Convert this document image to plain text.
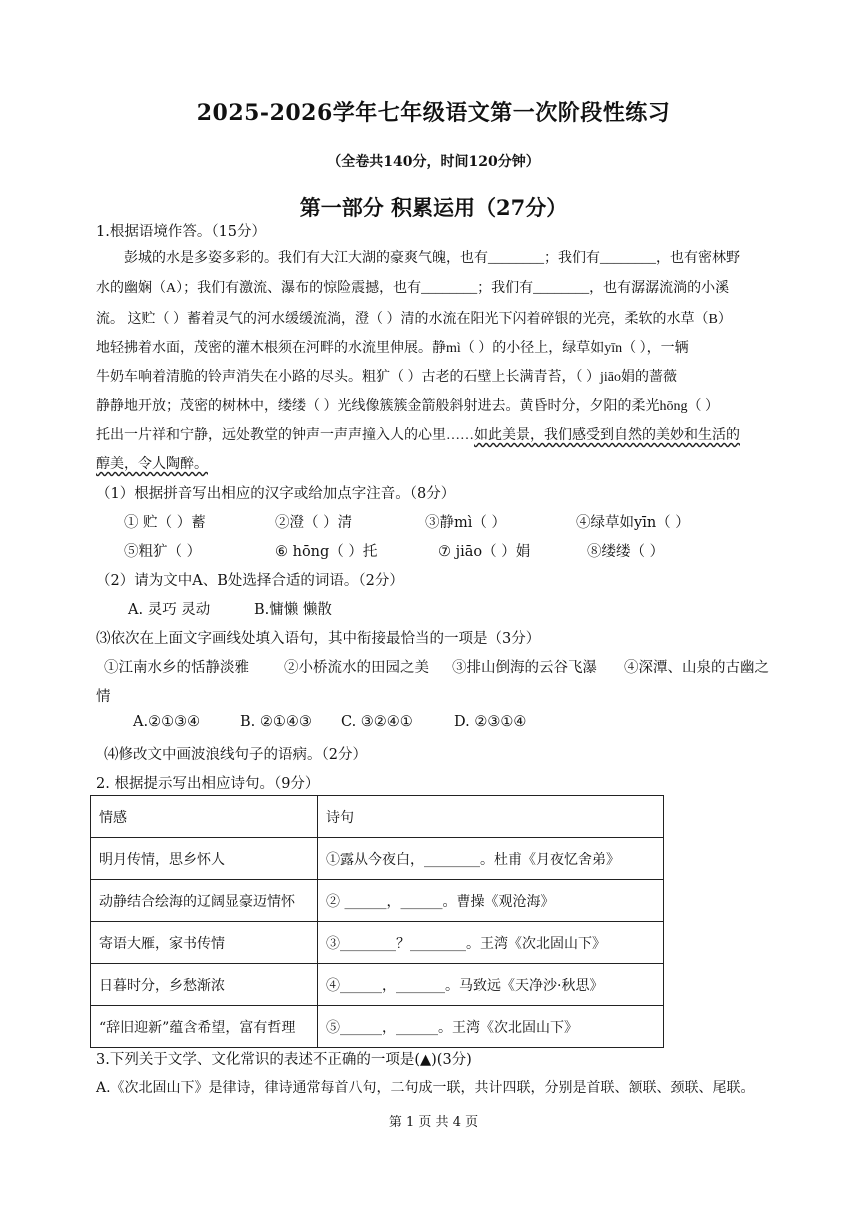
2025-2026学年七年级语文第一次阶段性练习
（全卷共140分，时间120分钟）
第一部分 积累运用（27分）
1.根据语境作答。（15分）
彭城的水是多姿多彩的。我们有大江大湖的豪爽气魄，也有________；我们有________，也有密林野
水的幽娴（A）；我们有激流、瀑布的惊险震撼，也有________；我们有________，也有潺潺流淌的小溪
流。 这贮（ ）蓄着灵气的河水缓缓流淌，澄（ ）清的水流在阳光下闪着碎银的光亮，柔软的水草（B）
地轻拂着水面，茂密的灌木根须在河畔的水流里伸展。静mì（ ）的小径上，绿草如yīn（ ），一辆
牛奶车响着清脆的铃声消失在小路的尽头。粗犷（ ）古老的石壁上长满青苔，（ ）jiāo娟的蔷薇
静静地开放；茂密的树林中，缕缕（ ）光线像簇簇金箭般斜射进去。黄昏时分，夕阳的柔光hōng（ ）
托出一片祥和宁静，远处教堂的钟声一声声撞入人的心里……如此美景，我们感受到自然的美妙和生活的
醇美，令人陶醉。
（1）根据拼音写出相应的汉字或给加点字注音。（8分）
① 贮（ ）蓄	②澄（ ）清	③静mì（ ）	④绿草如yīn（ ）
⑤粗犷（ ）	⑥ hōng（ ）托	⑦ jiāo（ ）娟	⑧缕缕（ ）
（2）请为文中A、B处选择合适的词语。（2分）
A. 灵巧 灵动	B.慵懒 懒散
⑶依次在上面文字画线处填入语句，其中衔接最恰当的一项是（3分）
①江南水乡的恬静淡雅 ②小桥流水的田园之美 ③排山倒海的云谷飞瀑 ④深潭、山泉的古幽之
情
A.②①③④	B. ②①④③ C. ③②④①	D. ②③①④
⑷修改文中画波浪线句子的语病。（2分）
2. 根据提示写出相应诗句。（9分）
情感	诗句
明月传情，思乡怀人	①露从今夜白，________。杜甫《月夜忆舍弟》
动静结合绘海的辽阔显豪迈情怀	② ______，______。曹操《观沧海》
寄语大雁，家书传情	③________？________。王湾《次北固山下》
日暮时分，乡愁渐浓	④______，_______。马致远《天净沙·秋思》
“辞旧迎新”蕴含希望，富有哲理	⑤______，______。王湾《次北固山下》
3.下列关于文学、文化常识的表述不正确的一项是(▲)(3分)
A.《次北固山下》是律诗，律诗通常每首八句，二句成一联，共计四联，分别是首联、颔联、颈联、尾联。
第 1 页 共 4 页
